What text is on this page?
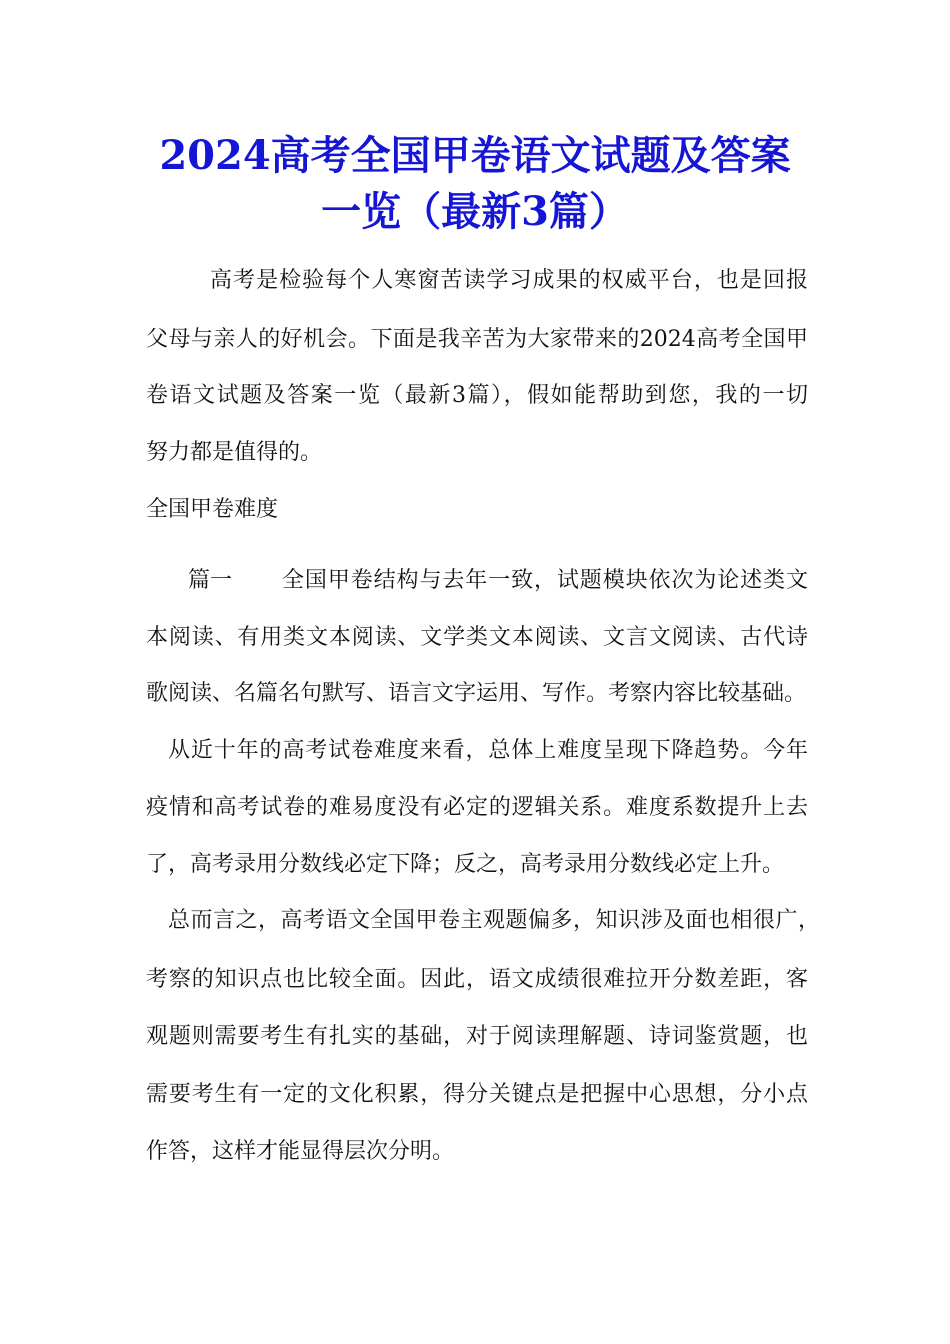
2024高考全国甲卷语文试题及答案
一览（最新3篇）
高考是检验每个人寒窗苦读学习成果的权威平台，也是回报
父母与亲人的好机会。下面是我辛苦为大家带来的2024高考全国甲
卷语文试题及答案一览（最新3篇），假如能帮助到您，我的一切
努力都是值得的。
全国甲卷难度
篇一	全国甲卷结构与去年一致，试题模块依次为论述类文
本阅读、有用类文本阅读、文学类文本阅读、文言文阅读、古代诗
歌阅读、名篇名句默写、语言文字运用、写作。考察内容比较基础。
从近十年的高考试卷难度来看，总体上难度呈现下降趋势。今年
疫情和高考试卷的难易度没有必定的逻辑关系。难度系数提升上去
了，高考录用分数线必定下降；反之，高考录用分数线必定上升。
总而言之，高考语文全国甲卷主观题偏多，知识涉及面也相很广，
考察的知识点也比较全面。因此，语文成绩很难拉开分数差距，客
观题则需要考生有扎实的基础，对于阅读理解题、诗词鉴赏题，也
需要考生有一定的文化积累，得分关键点是把握中心思想，分小点
作答，这样才能显得层次分明。
